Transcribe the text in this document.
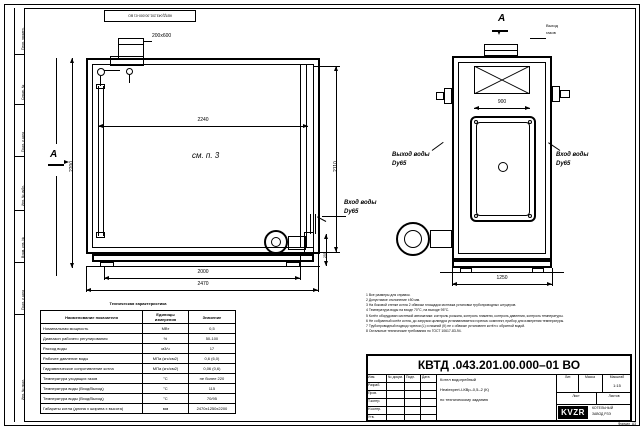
Перв. примен.
Справ. №
Подп. и дата
Инв. № дубл.
Взам. инв. №
Подп. и дата
Инв. № подл.
КВТД.043.201.00.000-01 ВО
200x600
см. п. 3
А
2240
2110
2200
255
2000
2470
Вход воды
Dу65
А
Выход
газов
900
1250
Выход воды
Dу65
Вход воды
Dу65
1 Все размеры для справок.
2 Допустимое отклонение ±50 мм.
3 На боковой стенке котла 2 обвязки площадки монтажа установки трубопроводных штуцеров.
4 Температура воды на входе 70°С, на выходе 95°С.
5 Котёл оборудован системой автоматики: контроль розжига, контроль пламени, контроль давления, контроль температуры.
6 Не собранный котёл котла, до загрузки цилиндра устанавливается горелка: комплект, прибор для измерения температуры.
7 Трубопроводный подвод горелки (L) и нижний (К) не с обвязке установлен котёл с обратной водой.
8 Остальные технические требования по ГОСТ 10617-83-94.
Техническая характеристика
Наименование показателя	Единицы измерения	Значение
Номинальная мощность	МВт	0,5
Диапазон рабочего регулирования	%	50-100
Расход воды	м3/ч	17
Рабочее давление воды	МПа (кгс/см2)	0,6 (6,0)
Гидравлическое сопротивление котла	МПа (кгс/см2)	0,06 (0,6)
Температура уходящих газов	°С	не более 220
Температура воды (Вход/Выход)	°С	115
Температура воды (Вход/Выход)	°С	70/95
Габариты котла (длина х ширина х высота)	мм	2470х1250х2200
КВТД .043.201.00.000–01 ВО
Изм.	№ докум. Подп. Дата
Разраб.
Пров.
Т.контр.
Н.контр.
Утв.
Котел водогрейный
Heatexpert-I-КВр–0,5–2 (К)
по техническому заданию
Лит.	Масса	Масштаб
1:15
Лист	Листов
KVZR	КОТЕЛЬНЫЙ
ЗАВОД РЗЭ
Формат  А3
